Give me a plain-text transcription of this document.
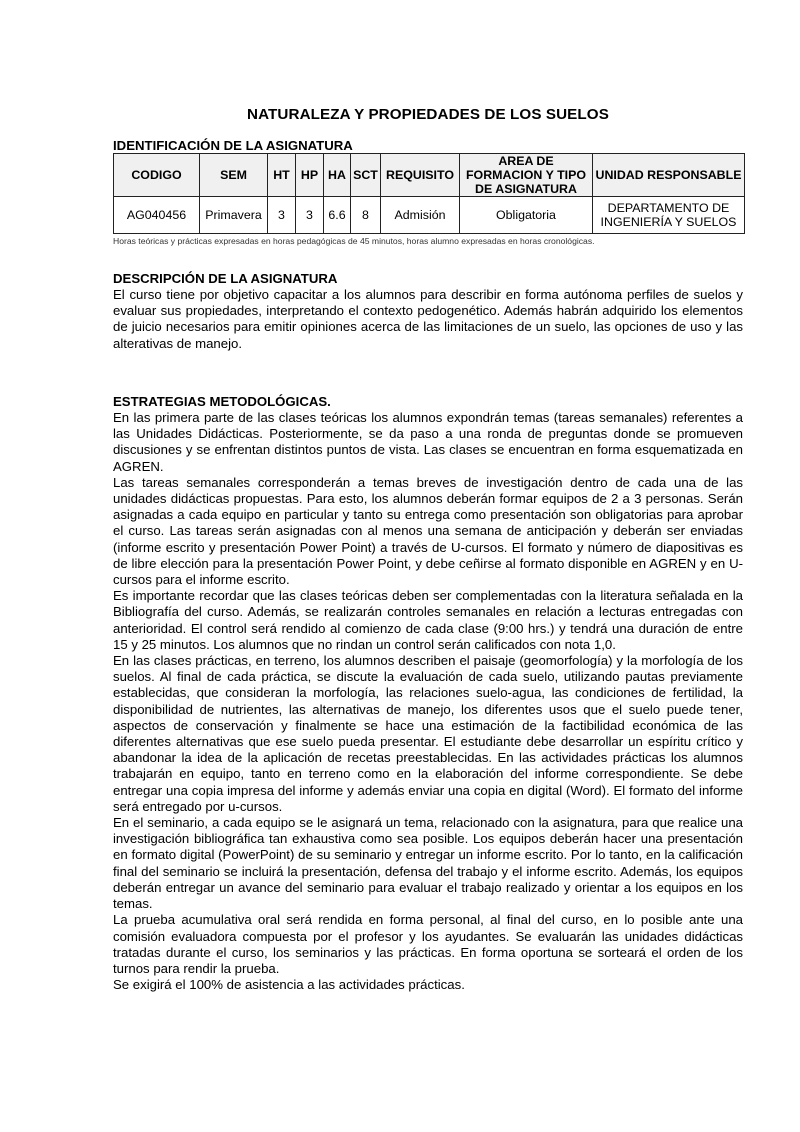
NATURALEZA Y PROPIEDADES DE LOS SUELOS
IDENTIFICACIÓN DE LA ASIGNATURA
CODIGO	SEM	HT	HP	HA	SCT	REQUISITO	AREA DE FORMACION Y TIPO DE ASIGNATURA	UNIDAD RESPONSABLE
AG040456	Primavera	3	3	6.6	8	Admisión	Obligatoria	DEPARTAMENTO DE INGENIERÍA Y SUELOS
Horas teóricas y prácticas expresadas en horas pedagógicas de 45 minutos, horas alumno expresadas en horas cronológicas.
DESCRIPCIÓN DE LA ASIGNATURA

El curso tiene por objetivo capacitar a los alumnos para describir en forma autónoma perfiles de suelos y evaluar sus propiedades, interpretando el contexto pedogenético. Además habrán adquirido los elementos de juicio necesarios para emitir opiniones acerca de las limitaciones de un suelo, las opciones de uso y las alterativas de manejo.

ESTRATEGIAS METODOLÓGICAS.

En las primera parte de las clases teóricas los alumnos expondrán temas (tareas semanales) referentes a las Unidades Didácticas. Posteriormente, se da paso a una ronda de preguntas donde se promueven discusiones y se enfrentan distintos puntos de vista. Las clases se encuentran en forma esquematizada en AGREN.

Las tareas semanales corresponderán a temas breves de investigación dentro de cada una de las unidades didácticas propuestas. Para esto, los alumnos deberán formar equipos de 2 a 3 personas. Serán asignadas a cada equipo en particular y tanto su entrega como presentación son obligatorias para aprobar el curso. Las tareas serán asignadas con al menos una semana de anticipación y deberán ser enviadas (informe escrito y presentación Power Point) a través de U-cursos. El formato y número de diapositivas es de libre elección para la presentación Power Point, y debe ceñirse al formato disponible en AGREN y en U-cursos para el informe escrito.

Es importante recordar que las clases teóricas deben ser complementadas con la literatura señalada en la Bibliografía del curso. Además, se realizarán controles semanales en relación a lecturas entregadas con anterioridad. El control será rendido al comienzo de cada clase (9:00 hrs.) y tendrá una duración de entre 15 y 25 minutos. Los alumnos que no rindan un control serán calificados con nota 1,0.

En las clases prácticas, en terreno, los alumnos describen el paisaje (geomorfología) y la morfología de los suelos. Al final de cada práctica, se discute la evaluación de cada suelo, utilizando pautas previamente establecidas, que consideran la morfología, las relaciones suelo-agua, las condiciones de fertilidad, la disponibilidad de nutrientes, las alternativas de manejo, los diferentes usos que el suelo puede tener, aspectos de conservación y finalmente se hace una estimación de la factibilidad económica de las diferentes alternativas que ese suelo pueda presentar. El estudiante debe desarrollar un espíritu crítico y abandonar la idea de la aplicación de recetas preestablecidas. En las actividades prácticas los alumnos trabajarán en equipo, tanto en terreno como en la elaboración del informe correspondiente. Se debe entregar una copia impresa del informe y además enviar una copia en digital (Word). El formato del informe será entregado por u-cursos.

En el seminario, a cada equipo se le asignará un tema, relacionado con la asignatura, para que realice una investigación bibliográfica tan exhaustiva como sea posible. Los equipos deberán hacer una presentación en formato digital (PowerPoint) de su seminario y entregar un informe escrito. Por lo tanto, en la calificación final del seminario se incluirá la presentación, defensa del trabajo y el informe escrito. Además, los equipos deberán entregar un avance del seminario para evaluar el trabajo realizado y orientar a los equipos en los temas.

La prueba acumulativa oral será rendida en forma personal, al final del curso, en lo posible ante una comisión evaluadora compuesta por el profesor y los ayudantes. Se evaluarán las unidades didácticas tratadas durante el curso, los seminarios y las prácticas. En forma oportuna se sorteará el orden de los turnos para rendir la prueba.

Se exigirá el 100% de asistencia a las actividades prácticas.
